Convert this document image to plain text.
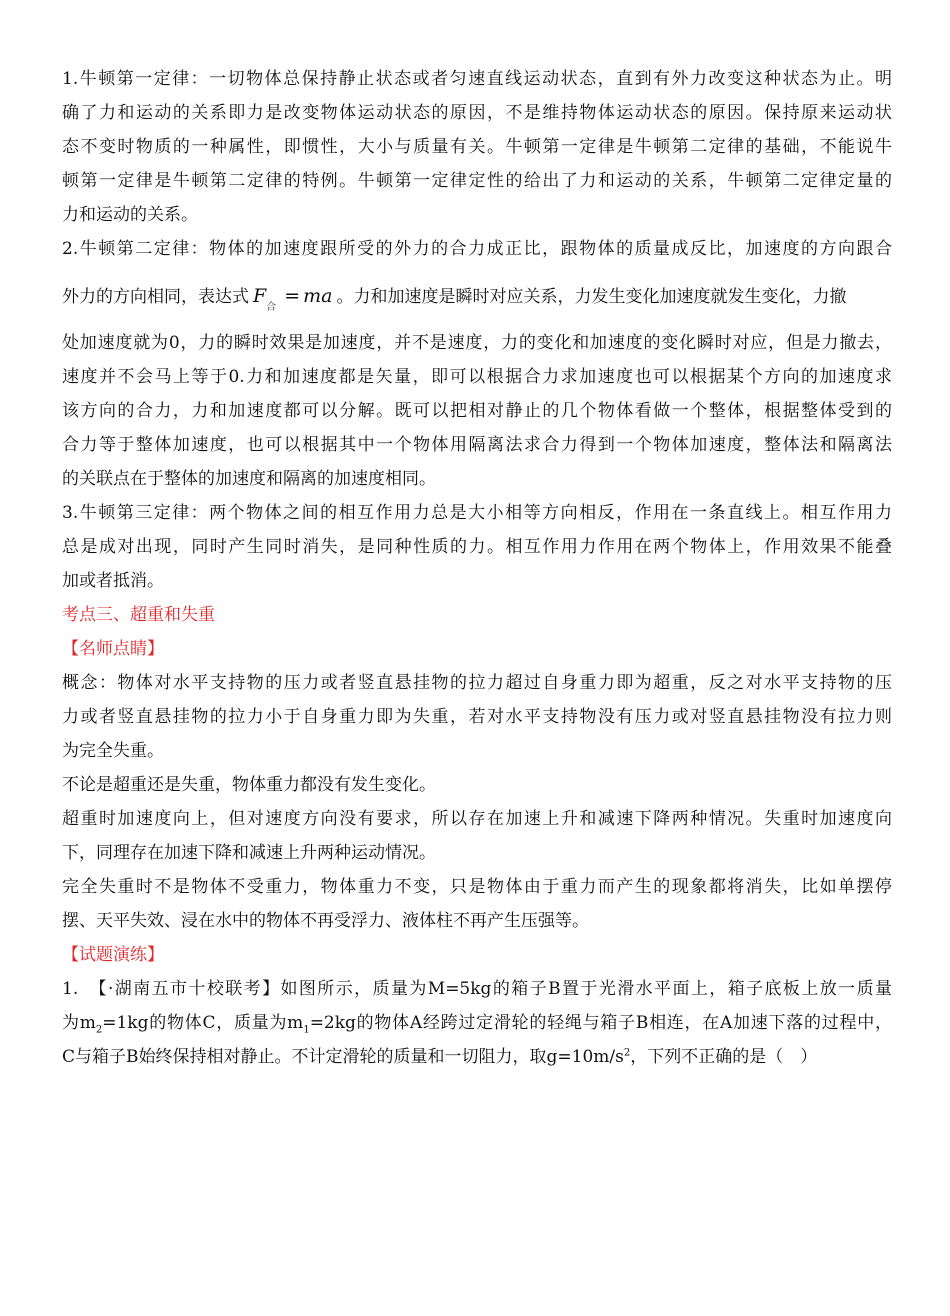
1.牛顿第一定律：一切物体总保持静止状态或者匀速直线运动状态，直到有外力改变这种状态为止。明
确了力和运动的关系即力是改变物体运动状态的原因，不是维持物体运动状态的原因。保持原来运动状
态不变时物质的一种属性，即惯性，大小与质量有关。牛顿第一定律是牛顿第二定律的基础，不能说牛
顿第一定律是牛顿第二定律的特例。牛顿第一定律定性的给出了力和运动的关系，牛顿第二定律定量的
力和运动的关系。
2.牛顿第二定律：物体的加速度跟所受的外力的合力成正比，跟物体的质量成反比，加速度的方向跟合
外力的方向相同，表达式 $F_合=$ ma 。力和加速度是瞬时对应关系，力发生变化加速度就发生变化，力撤
处加速度就为0，力的瞬时效果是加速度，并不是速度，力的变化和加速度的变化瞬时对应，但是力撤去，
速度并不会马上等于0.力和加速度都是矢量，即可以根据合力求加速度也可以根据某个方向的加速度求
该方向的合力，力和加速度都可以分解。既可以把相对静止的几个物体看做一个整体，根据整体受到的
合力等于整体加速度，也可以根据其中一个物体用隔离法求合力得到一个物体加速度，整体法和隔离法
的关联点在于整体的加速度和隔离的加速度相同。
3.牛顿第三定律：两个物体之间的相互作用力总是大小相等方向相反，作用在一条直线上。相互作用力
总是成对出现，同时产生同时消失，是同种性质的力。相互作用力作用在两个物体上，作用效果不能叠
加或者抵消。
考点三、超重和失重
【名师点睛】
概念：物体对水平支持物的压力或者竖直悬挂物的拉力超过自身重力即为超重，反之对水平支持物的压
力或者竖直悬挂物的拉力小于自身重力即为失重，若对水平支持物没有压力或对竖直悬挂物没有拉力则
为完全失重。
不论是超重还是失重，物体重力都没有发生变化。
超重时加速度向上，但对速度方向没有要求，所以存在加速上升和减速下降两种情况。失重时加速度向
下，同理存在加速下降和减速上升两种运动情况。
完全失重时不是物体不受重力，物体重力不变，只是物体由于重力而产生的现象都将消失，比如单摆停
摆、天平失效、浸在水中的物体不再受浮力、液体柱不再产生压强等。
【试题演练】
1.　【·湖南五市十校联考】如图所示，质量为M=5kg的箱子B置于光滑水平面上，箱子底板上放一质量
为$m_2=1kg$的物体C，质量为$m_1=2kg$的物体A经跨过定滑轮的轻绳与箱子B相连，在A加速下落的过程中，
C与箱子B始终保持相对静止。不计定滑轮的质量和一切阻力，取$g=10m/s^2$，下列不正确的是（　）
